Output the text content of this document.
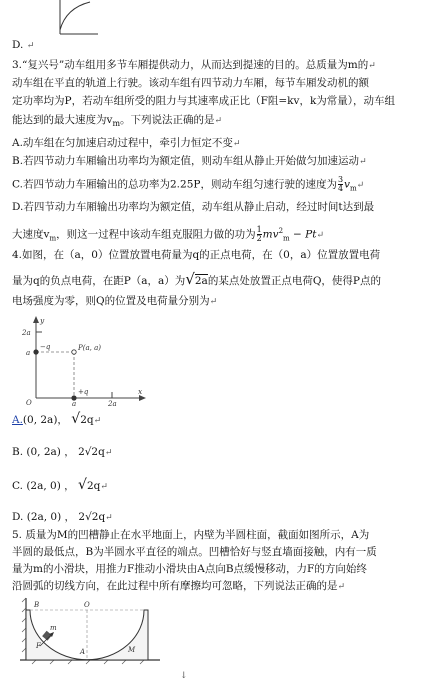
D. ↵
3.“复兴号”动车组用多节车厢提供动力，从而达到提速的目的。总质量为m的↵
动车组在平直的轨道上行驶。该动车组有四节动力车厢，每节车厢发动机的额
定功率均为P，若动车组所受的阻力与其速率成正比（F阻=kv，k为常量），动车组
能达到的最大速度为$v_m$。下列说法正确的是↵
A.动车组在匀加速启动过程中，牵引力恒定不变↵
B.若四节动力车厢输出功率均为额定值，则动车组从静止开始做匀加速运动↵
C.若四节动力车厢输出的总功率为2.25P，则动车组匀速行驶的速度为 $\frac{3}{4}$ $v_m↵$
D.若四节动力车厢输出功率均为额定值，动车组从静止启动，经过时间t达到最
大速度$v_m$，则这一过程中该动车组克服阻力做的功为 $\frac{1}{2} mv^2_m$ − Pt↵
4.如图，在（a，0）位置放置电荷量为q的正点电荷，在（0，a）位置放置电荷
量为q的负点电荷，在距P（a，a）为√2a的某点处放置正点电荷Q，使得P点的
电场强度为零，则Q的位置及电荷量分别为↵
y
x
2a
a
−q	P(a, a)
+q
O	a	2a
A.(0, 2a)， √2q↵
B. (0, 2a) ， 2√2q↵
C. (2a, 0) ， √2q↵
D. (2a, 0) ， 2√2q↵
5. 质量为M的凹槽静止在水平地面上，内壁为半圆柱面，截面如图所示，A为
半圆的最低点，B为半圆水平直径的端点。凹槽恰好与竖直墙面接触，内有一质
量为m的小滑块，用推力F推动小滑块由A点向B点缓慢移动，力F的方向始终
沿圆弧的切线方向，在此过程中所有摩擦均可忽略，下列说法正确的是↵
B	O
m
F
A	M
↓
